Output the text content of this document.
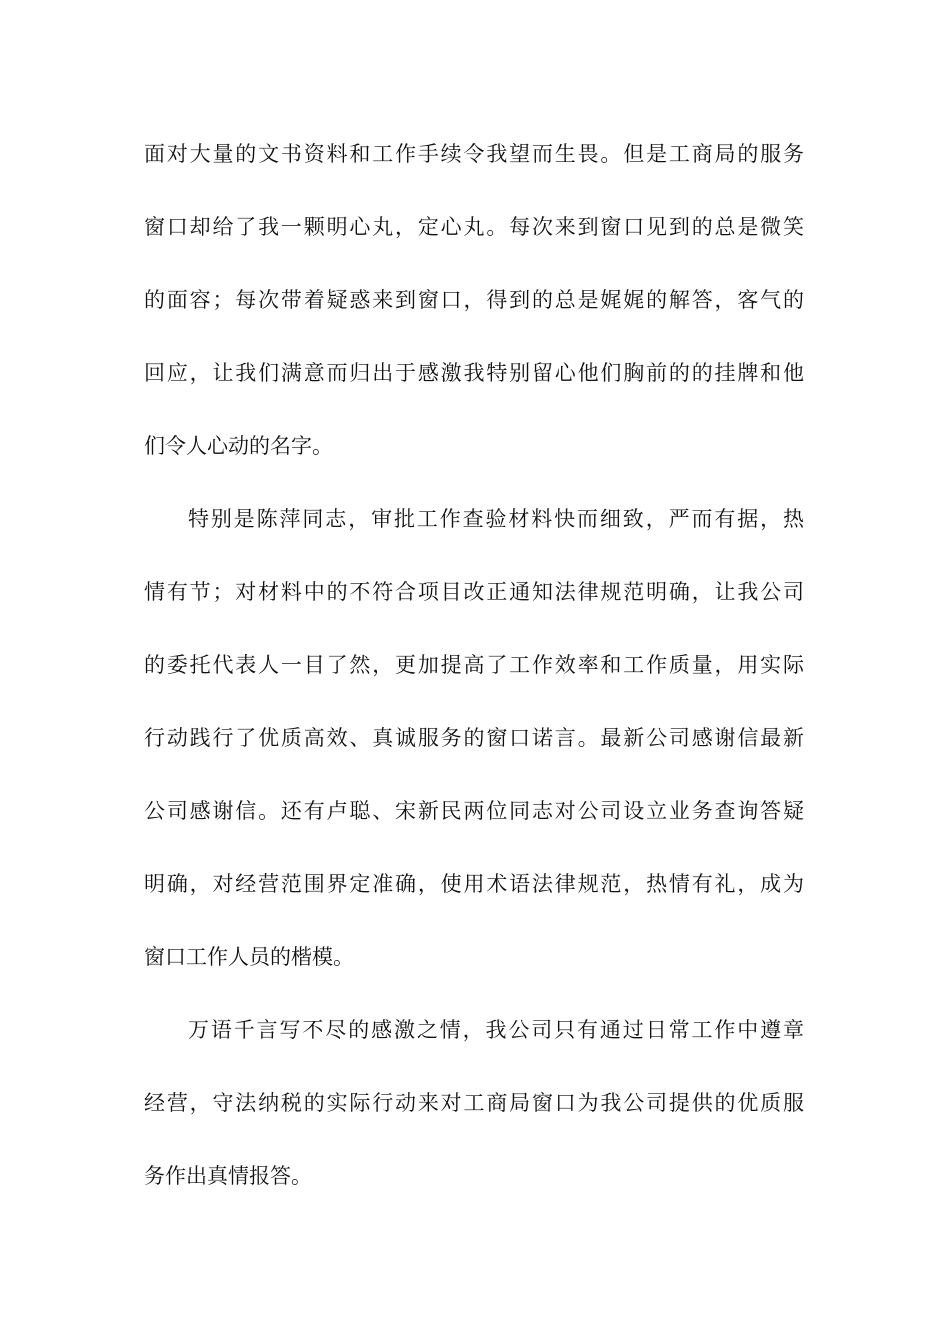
面对大量的文书资料和工作手续令我望而生畏。但是工商局的服务
窗口却给了我一颗明心丸，定心丸。每次来到窗口见到的总是微笑
的面容；每次带着疑惑来到窗口，得到的总是娓娓的解答，客气的
回应，让我们满意而归出于感激我特别留心他们胸前的的挂牌和他
们令人心动的名字。
特别是陈萍同志，审批工作查验材料快而细致，严而有据，热
情有节；对材料中的不符合项目改正通知法律规范明确，让我公司
的委托代表人一目了然，更加提高了工作效率和工作质量，用实际
行动践行了优质高效、真诚服务的窗口诺言。最新公司感谢信最新
公司感谢信。还有卢聪、宋新民两位同志对公司设立业务查询答疑
明确，对经营范围界定准确，使用术语法律规范，热情有礼，成为
窗口工作人员的楷模。
万语千言写不尽的感激之情，我公司只有通过日常工作中遵章
经营，守法纳税的实际行动来对工商局窗口为我公司提供的优质服
务作出真情报答。
